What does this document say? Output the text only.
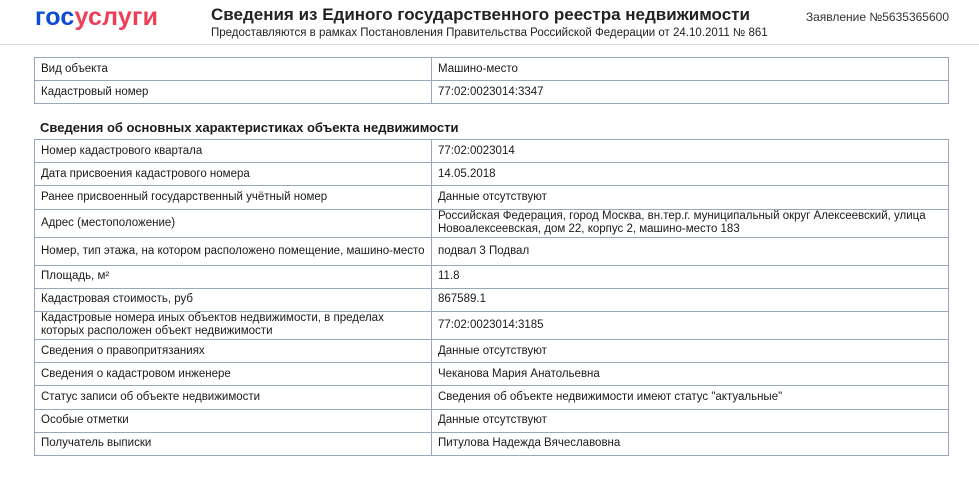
госуслуги	Сведения из Единого государственного реестра недвижимости
Предоставляются в рамках Постановления Правительства Российской Федерации от 24.10.2011 № 861
Заявление №5635365600
Вид объекта	Машино-место
Кадастровый номер	77:02:0023014:3347
Сведения об основных характеристиках объекта недвижимости
Номер кадастрового квартала	77:02:0023014
Дата присвоения кадастрового номера	14.05.2018
Ранее присвоенный государственный учётный номер	Данные отсутствуют
Адрес (местоположение)	Российская Федерация, город Москва, вн.тер.г. муниципальный округ Алексеевский, улица Новоалексеевская, дом 22, корпус 2, машино-место 183
Номер, тип этажа, на котором расположено помещение, машино-место	подвал 3 Подвал
Площадь, м²	11.8
Кадастровая стоимость, руб	867589.1
Кадастровые номера иных объектов недвижимости, в пределах которых расположен объект недвижимости	77:02:0023014:3185
Сведения о правопритязаниях	Данные отсутствуют
Сведения о кадастровом инженере	Чеканова Мария Анатольевна
Статус записи об объекте недвижимости	Сведения об объекте недвижимости имеют статус "актуальные"
Особые отметки	Данные отсутствуют
Получатель выписки	Питулова Надежда Вячеславовна
